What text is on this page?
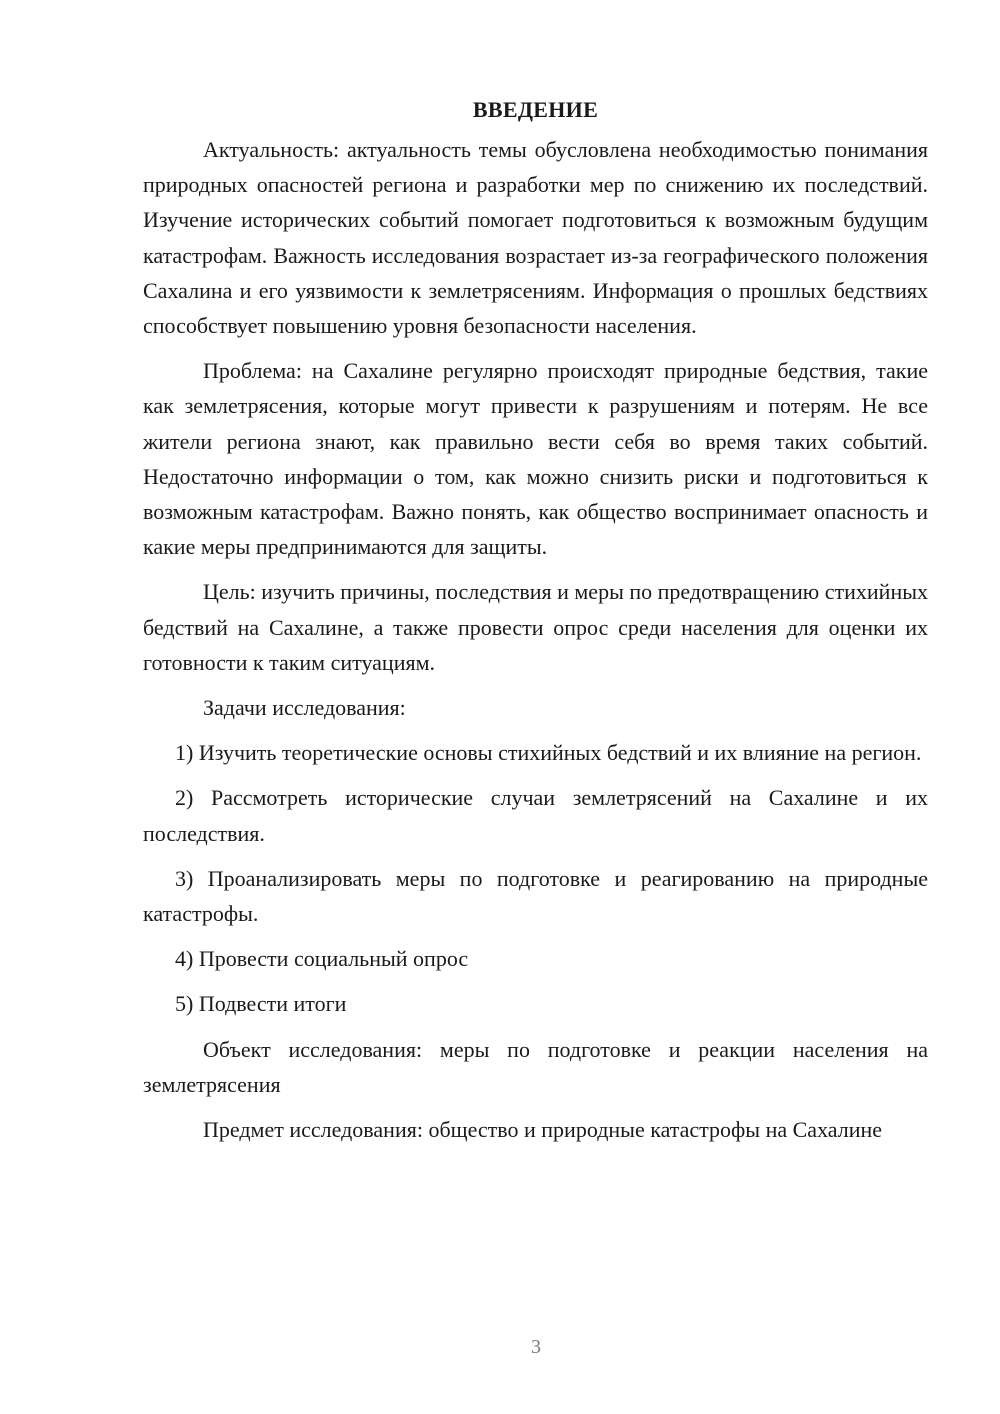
ВВЕДЕНИЕ

Актуальность: актуальность темы обусловлена необходимостью понимания природных опасностей региона и разработки мер по снижению их последствий. Изучение исторических событий помогает подготовиться к возможным будущим катастрофам. Важность исследования возрастает из-за географического положения Сахалина и его уязвимости к землетрясениям. Информация о прошлых бедствиях способствует повышению уровня безопасности населения.

Проблема: на Сахалине регулярно происходят природные бедствия, такие как землетрясения, которые могут привести к разрушениям и потерям. Не все жители региона знают, как правильно вести себя во время таких событий. Недостаточно информации о том, как можно снизить риски и подготовиться к возможным катастрофам. Важно понять, как общество воспринимает опасность и какие меры предпринимаются для защиты.

Цель: изучить причины, последствия и меры по предотвращению стихийных бедствий на Сахалине, а также провести опрос среди населения для оценки их готовности к таким ситуациям.

Задачи исследования:

1) Изучить теоретические основы стихийных бедствий и их влияние на регион.

2) Рассмотреть исторические случаи землетрясений на Сахалине и их последствия.

3) Проанализировать меры по подготовке и реагированию на природные катастрофы.

4) Провести социальный опрос

5) Подвести итоги

Объект исследования: меры по подготовке и реакции населения на землетрясения

Предмет исследования: общество и природные катастрофы на Сахалине

3
